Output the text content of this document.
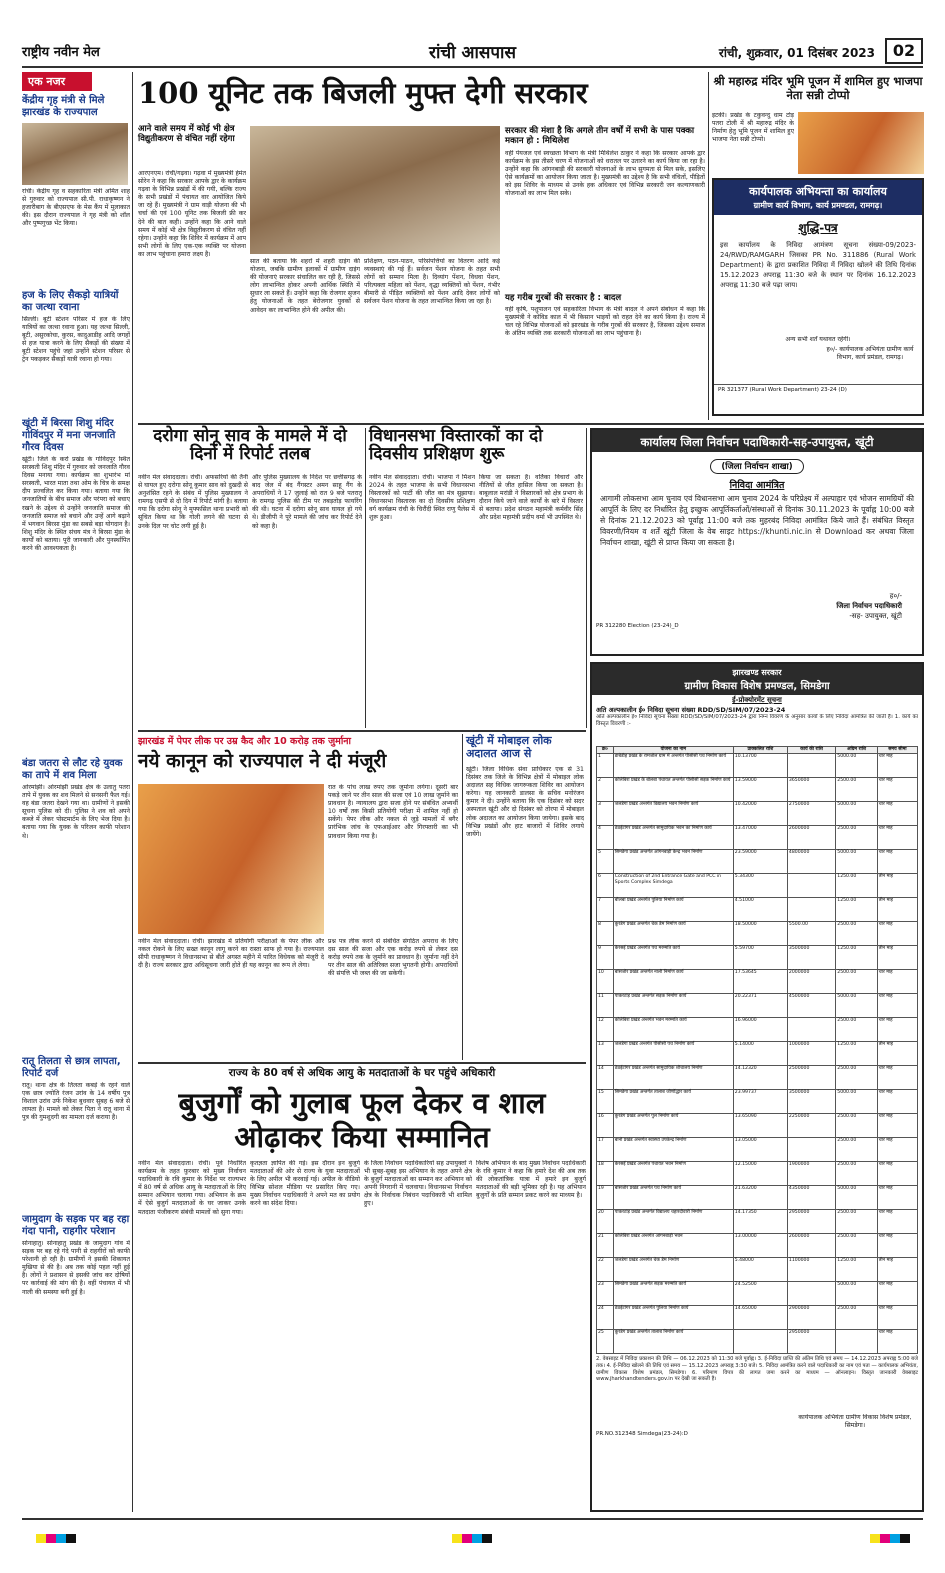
राष्ट्रीय नवीन मेल	रांची आसपास	रांची, शुक्रवार, 01 दिसंबर 2023	02
एक नजर
केंद्रीय गृह मंत्री से मिले झारखंड के राज्यपाल
रांची। केंद्रीय गृह व सहकारिता मंत्री अमित शाह से गुरुवार को राज्यपाल सी.पी. राधाकृष्णन ने हजारीबाग के बीएसएफ के मेस कैंप में मुलाकात की। इस दौरान राज्यपाल ने गृह मंत्री को शॉल और पुष्पगुच्छ भेंट किया।
हज के लिए सैकड़ो यात्रियों का जत्था रवाना
सिल्ली। बूटी स्टेशन परिसर में हज के लिए यात्रियों का जत्था रवाना हुआ। यह जत्था सिल्ली, बूटी, असुरकोचा, कुरस, कादुआडीह आदि जगहों से हज यात्रा करने के लिए सैकड़ों की संख्या में बूटी स्टेशन पहुंचे जहां उन्होंने स्टेशन परिसर से ट्रेन पकड़कर सैकड़ों यात्री रवाना हो गया।
खूंटी में बिरसा शिशु मंदिर गोविंदपुर में मना जनजाति गौरव दिवस
खूंटी। जिले के कर्रा प्रखंड के गोविंदपुर स्थित सरस्वती शिशु मंदिर में गुरुवार को जनजाति गौरव दिवस मनाया गया। कार्यक्रम का शुभारंभ मां सरस्वती, भारत माता तथा ओम के चित्र के समक्ष दीप प्रज्वलित कर किया गया। बताया गया कि जनजातियों के बीच समाज और परंपरा को बचाए रखने के उद्देश्य से उन्होंने जनजाति समाज की जनजाति समाज को बचाने और उन्हें आगे बढ़ाने में भगवान बिरसा मुंडा का सबसे बड़ा योगदान है। शिशु मंदिर के स्थित संचय मंत्र ने बिरसा मुंडा के कार्यों को बताया। पूरी जानकारी और पुनर्स्थापित करने की आवश्यकता है।
बंडा जतरा से लौट रहे युवक का तापे में शव मिला
ओरमांझी। ओरमांझी प्रखंड क्षेत्र के उलातु पतरा तापे में युवक का शव मिलने से सनसनी फैल गई। वह बंडा जतरा देखने गया था। ग्रामीणों ने इसकी सूचना पुलिस को दी। पुलिस ने शव को अपने कब्जे में लेकर पोस्टमार्टम के लिए भेज दिया है। बताया गया कि युवक के परिजन काफी परेशान थे।
रातू तिलता से छात्र लापता, रिपोर्ट दर्ज
रातू। थाना क्षेत्र के तिलता कबड़े के रहने वाले एक छात्र ज्योति रंजन उरांव के 14 वर्षीय पुत्र विशाल उरांव उर्फ निकेश बुधवार सुबह 6 बजे से लापता है। मामले को लेकर पिता ने रातू थाना में पुत्र की गुमशुदगी का मामला दर्ज कराया है।
जामुदाग के सड़क पर बह रहा गंदा पानी, राहगीर परेशान
सोनाहातु। सोनाहातु प्रखंड के जामुदाग गांव में सड़क पर बह रहे गंदे पानी से राहगीरों को काफी परेशानी हो रही है। ग्रामीणों ने इसकी शिकायत मुखिया से की है। अब तक कोई पहल नहीं हुई है। लोगों ने प्रशासन से इसकी जांच कर दोषियों पर कार्रवाई की मांग की है। वहीं पंचायत में भी नाली की समस्या बनी हुई है।
100 यूनिट तक बिजली मुफ्त देगी सरकार
आने वाले समय में कोई भी क्षेत्र विद्युतीकरण से वंचित नहीं रहेगा
सरकार की मंशा है कि अगले तीन वर्षों में सभी के पास पक्का मकान हो : मिथिलेश
आरएनएम। रांची/गढ़वा। गढ़वा में मुख्यमंत्री हेमंत सोरेन ने कहा कि सरकार आपके द्वार के कार्यक्रम गढ़वा के विभिन्न प्रखंडों में की गयी, बल्कि राज्य के सभी प्रखंडों में पंचायत वार आयोजित किये जा रहे हैं। मुख्यमंत्री ने ग्राम वाड़ी योजना की भी चर्चा की एवं 100 यूनिट तक बिजली फ्री कर देने की बात कही। उन्होंने कहा कि आने वाले समय में कोई भी क्षेत्र विद्युतीकरण से वंचित नहीं रहेगा। उन्होंने कहा कि शिविर में कार्यक्रम में आप सभी लोगों के लिए एक-एक व्यक्ति पर योजना का लाभ पहुंचाना हमारा लक्ष्य है।
सात की बताया कि शहरों में शहरी दाइंग की योजना, जबकि ग्रामीण इलाकों में ग्रामीण दाइंग की योजनाएं सरकार संचालित कर रही है, जिससे लोग लाभान्वित होकर अपनी आर्थिक स्थिति में सुधार ला सकते हैं। उन्होंने कहा कि रोजगार सृजन हेतु योजनाओं के तहत बेरोजगार युवकों से आवेदन कर लाभान्वित होने की अपील की।
प्रशिक्षण, पठन-पाठन, परिसंपत्तियों का वितरण आदि कई व्यवस्थाएं की गई हैं। सर्वजन पेंशन योजना के तहत सभी लोगों को सम्मान मिला है। दिव्यांग पेंशन, विधवा पेंशन, परित्यक्ता महिला को पेंशन, वृद्धा व्यक्तियों को पेंशन, गंभीर बीमारी से पीड़ित व्यक्तियों को पेंशन आदि देकर लोगों को सर्वजन पेंशन योजना के तहत लाभान्वित किया जा रहा है।
वहीं पेयजल एवं स्वच्छता विभाग के मंत्री मिथिलेश ठाकुर ने कहा कि सरकार आपके द्वार कार्यक्रम के इस तीसरे चरण में योजनाओं को धरातल पर उतारने का कार्य किया जा रहा है। उन्होंने कहा कि आंगनबाड़ी की सरकारी योजनाओं के लाभ सुगमता से मिल सके, इसलिए ऐसे कार्यक्रमों का आयोजन किया जाता है। मुख्यमंत्री का उद्देश्य है कि सभी वंचितों, पीड़ितों को इस शिविर के माध्यम से उनके हक अधिकार एवं विभिन्न सरकारी जन कल्याणकारी योजनाओं का लाभ मिल सके।
यह गरीब गुरबों की सरकार है : बादल
वहीं कृषि, पशुपालन एवं सहकारिता विभाग के मंत्री बादल ने अपने संबोधन में कहा कि मुख्यमंत्री ने कोविड काल में भी किसान भाइयों को राहत देने का कार्य किया है। राज्य में चल रहे विभिन्न योजनाओं को झारखंड के गरीब गुरबों की सरकार है, जिसका उद्देश्य समाज के अंतिम व्यक्ति तक सरकारी योजनाओं का लाभ पहुंचाना है।
श्री महारुद्र मंदिर भूमि पूजन में शामिल हुए भाजपा नेता सन्नी टोप्पो
इटकी। प्रखंड के टकुवन्दु धाम टोड़ पतरा टोली में श्री महारुद्र मंदिर के निर्माण हेतु भूमि पूजन में शामिल हुए भाजपा नेता सन्नी टोप्पो।
कार्यपालक अभियन्ता का कार्यालय
ग्रामीण कार्य विभाग, कार्य प्रमण्डल, रामगढ़।
शुद्धि-पत्र
इस कार्यालय के निविदा आमंत्रण सूचना संख्या-09/2023-24/RWD/RAMGARH जिसका PR No. 311886 (Rural Work Department) के द्वारा प्रकाशित निविदा में निविदा खोलने की तिथि दिनांक 15.12.2023 अपराह्न 11:30 बजे के स्थान पर दिनांक 16.12.2023 अपराह्न 11:30 बजे पढ़ा जाय।
अन्य सभी शर्तें यथावत रहेंगी।
ह०/- कार्यपालक अभियंता ग्रामीण कार्य विभाग, कार्य प्रमंडल, रामगढ़।
PR 321377 (Rural Work Department) 23-24 (D)
दरोगा सोनू साव के मामले में दो दिनों में रिपोर्ट तलब
नवीन मेल संवाददाता। रांची। अफसरियों की तैनी से घायल हुए दरोगा सोनू कुमार साव को दुखदी से अनुशंसित रहने के संबंध में पुलिस मुख्यालय ने रामगढ़ एसपी से दो दिन में रिपोर्ट मांगी है। बताया गया कि दरोगा सोनू ने मुफ्फसिल थाना प्रभारी को सूचित किया था कि गोली लगने की घटना से उनके दिल पर चोट लगी हुई है।
और पुलिस मुख्यालय के निर्देश पर छत्तीसगढ़ के बाद जेल में बंद गैंगस्टर अमन साहू गैंग के अपराधियों ने 17 जुलाई को रात 9 बजे पतरातू के रामगढ़ पुलिस की टीम पर तबड़तोड़ फायरिंग की थी। घटना में दरोगा सोनू साव घायल हो गये थे। डीजीपी ने पूरे मामले की जांच कर रिपोर्ट देने को कहा है।
विधानसभा विस्तारकों का दो दिवसीय प्रशिक्षण शुरू
नवीन मेल संवाददाता। रांची। भाजपा ने मिशन 2024 के तहत भाजपा के सभी विधानसभा विस्तारकों को पार्टी की जीत का मंत्र सुझाया। विधानसभा विस्तारक का दो दिवसीय प्रशिक्षण वर्ग कार्यक्रम रांची के चिरौंदी स्थित राणु पैलेस में शुरू हुआ।
किया जा सकता है। वर्तिका विचारों और नीतियों से जीत हासिल किया जा सकता है। बाबूलाल मरांडी ने विस्तारकों को क्षेत्र प्रभाग के दौरान किये जाने वाले कार्यों के बारे में विस्तार से बताया। प्रदेश संगठन महामंत्री कर्मवीर सिंह और प्रदेश महामंत्री प्रदीप वर्मा भी उपस्थित थे।
कार्यालय जिला निर्वाचन पदाधिकारी-सह-उपायुक्त, खूंटी
(जिला निर्वाचन शाखा)
निविदा आमंत्रित
आगामी लोकसभा आम चुनाव एवं विधानसभा आम चुनाव 2024 के परिप्रेक्ष्य में अल्पाहार एवं भोजन सामग्रियों की आपूर्ति के लिए दर निर्धारित हेतु इच्छुक आपूर्तिकर्ताओं/संस्थाओं से दिनांक 30.11.2023 के पूर्वाह्न 10:00 बजे से दिनांक 21.12.2023 को पूर्वाह्न 11:00 बजे तक मुहरबंद निविदा आमंत्रित किये जाते हैं। संबंधित विस्तृत विवरणी/नियम व शर्तें खूंटी जिला के वेब साइट https://khunti.nic.in से Download कर अथवा जिला निर्वाचन शाखा, खूंटी से प्राप्त किया जा सकता है।
ह०/-
जिला निर्वाचन पदाधिकारी
-सह- उपायुक्त, खूंटी
PR 312280 Election (23-24)_D
झारखण्ड सरकार
ग्रामीण विकास विशेष प्रमण्डल, सिमडेगा
ई-प्रोक्योरमेंट सूचना
अति अल्पकालीन ई० निविदा सूचना संख्या RDD/SD/SIM/07/2023-24
अति अल्पकालीन ई० निविदा सूचना संख्या RDD/SD/SIM/07/2023-24 द्वारा निम्न विवरण के अनुसार कार्यों के लिए निविदा आमंत्रित की जाती है। 1. कार्य का विस्तृत विवरणी :-
क्र०	योजना का नाम	प्राक्कलित राशि	कार्य की राशि	अग्रिम राशि	समय सीमा
1	डाबेडीह प्रखंड के रामजोल ग्राम में अन्तर्गत पीसीसी पथ निर्माण कार्य	10.13700		5000.00	चार माह
2	कोलेबिरा प्रखंड के बोलबा पंचायत अन्तर्गत पीसीसी सड़क निर्माण कार्य	13.59000	3650000	2500.00	चार माह
3	जलडेगा प्रखंड अन्तर्गत विद्यालय भवन निर्माण कार्य	10.42000	2750000	5000.00	चार माह
4	ठेठईटांगर प्रखंड अन्तर्गत सामुदायिक भवन का निर्माण कार्य	13.47000	2600000	2500.00	चार माह
5	सिमडेगा प्रखंड अन्तर्गत आंगनबाड़ी केन्द्र भवन निर्माण	23.59000	4800000	5000.00	चार माह
6	Construction of 2nd Entrance Gate and PCC in Sports Complex Simdega	5.34300		1250.00	तीन माह
7	बोलबा प्रखंड अन्तर्गत पुलिया निर्माण कार्य	4.51000		1250.00	तीन माह
8	कुरडेग प्रखंड अन्तर्गत चेक डैम निर्माण कार्य	18.50000	5500.00	2500.00	चार माह
9	केरसई प्रखंड अन्तर्गत पथ मरम्मति कार्य	5.59700	3500000	1250.00	तीन माह
10	बांसजोर प्रखंड अन्तर्गत नाली निर्माण कार्य	17.53645	2000000	2500.00	चार माह
11	पाकरटांड़ प्रखंड अन्तर्गत सड़क निर्माण कार्य	20.22371	4500000	5000.00	चार माह
12	कोलेबिरा प्रखंड अन्तर्गत भवन मरम्मति कार्य	16.96000		2500.00	चार माह
13	जलडेगा प्रखंड अन्तर्गत पीसीसी पथ निर्माण कार्य	5.14000	1000000	1250.00	तीन माह
14	ठेठईटांगर प्रखंड अन्तर्गत सामुदायिक शौचालय निर्माण	14.12320	2500000	2500.00	चार माह
15	सिमडेगा प्रखंड अन्तर्गत तालाब जीर्णोद्धार कार्य	23.99737	3500000	5000.00	चार माह
16	कुरडेग प्रखंड अन्तर्गत पुल निर्माण कार्य	13.65090	2250000	2500.00	चार माह
17	बानो प्रखंड अन्तर्गत स्वास्थ्य उपकेन्द्र निर्माण	13.05000		2500.00	चार माह
18	केरसई प्रखंड अन्तर्गत पंचायत भवन निर्माण	12.15000	1900000	2500.00	चार माह
19	बांसजोर प्रखंड अन्तर्गत पथ निर्माण कार्य	21.63200	4350000	5000.00	चार माह
20	पाकरटांड़ प्रखंड अन्तर्गत विद्यालय चहारदीवारी निर्माण	14.17350	2950000	2500.00	चार माह
21	कोलेबिरा प्रखंड अन्तर्गत आंगनबाड़ी भवन	13.00000	2600000	2500.00	चार माह
22	जलडेगा प्रखंड अन्तर्गत चेक डैम निर्माण	5.48000	1100000	1250.00	तीन माह
23	सिमडेगा प्रखंड अन्तर्गत सड़क मरम्मति कार्य	24.52500		5000.00	चार माह
24	ठेठईटांगर प्रखंड अन्तर्गत पुलिया निर्माण कार्य	14.65000	2900000	2500.00	चार माह
25	कुरडेग प्रखंड अन्तर्गत तालाब निर्माण कार्य		2950000		चार माह
2. वेबसाइट में निविदा प्रकाशन की तिथि — 06.12.2023 को 11:30 बजे पूर्वाह्न। 3. ई-निविदा प्राप्ति की अंतिम तिथि एवं समय — 14.12.2023 अपराह्न 5:00 बजे तक। 4. ई-निविदा खोलने की तिथि एवं समय — 15.12.2023 अपराह्न 3:30 बजे। 5. निविदा आमंत्रित करने वाले पदाधिकारी का नाम एवं पता — कार्यपालक अभियंता, ग्रामीण विकास विशेष प्रमंडल, सिमडेगा। 6. परिमाण विपत्र की लागत जमा करने का माध्यम — ऑनलाइन। विस्तृत जानकारी वेबसाइट www.jharkhandtenders.gov.in पर देखी जा सकती है।
कार्यपालक अभियंता ग्रामीण विकास विशेष प्रमंडल, सिमडेगा।
PR.NO.312348 Simdega(23-24):D
झारखंड में पेपर लीक पर उम्र कैद और 10 करोड़ तक जुर्माना
नये कानून को राज्यपाल ने दी मंजूरी
रात के पांच लाख रुपए तक जुर्माना लगेगा। दूसरी बार पकड़े जाने पर तीन साल की सजा एवं 10 लाख जुर्माने का प्रावधान है। न्यायालय द्वारा सजा होने पर संबंधित अभ्यर्थी 10 वर्षों तक किसी प्रतियोगी परीक्षा में शामिल नहीं हो सकेंगे। पेपर लीक और नकल से जुड़े मामलों में बगैर प्रारंभिक जांच के एफआईआर और गिरफ्तारी का भी प्रावधान किया गया है।
नवीन मेल संवाददाता। रांची। झारखंड में प्रतियोगी परीक्षाओं के पेपर लीक और नकल रोकने के लिए सख्त कानून लागू करने का रास्ता साफ हो गया है। राज्यपाल सीपी राधाकृष्णन ने विधानसभा से बीते अगस्त महीने में पारित विधेयक को मंजूरी दे दी है। राज्य सरकार द्वारा अधिसूचना जारी होते ही यह कानून का रूप ले लेगा।
प्रश्न पत्र लीक करने से संबंधित संगठित अपराध के लिए दस साल की सजा और एक करोड़ रुपये से लेकर दस करोड़ रुपये तक के जुर्माने का प्रावधान है। जुर्माना नहीं देने पर तीन साल की अतिरिक्त सजा भुगतनी होगी। अपराधियों की संपत्ति भी जब्त की जा सकेगी।
खूंटी में मोबाइल लोक अदालत आज से
खूंटी। जिला विधिक सेवा प्राधिकार एक से 31 दिसंबर तक जिले के विभिन्न क्षेत्रों में मोबाइल लोक अदालत सह विधिक जागरूकता शिविर का आयोजन करेगा। यह जानकारी डालसा के सचिव मनोरंजन कुमार ने दी। उन्होंने बताया कि एक दिसंबर को सदर अस्पताल खूंटी और दो दिसंबर को तोरपा में मोबाइल लोक अदालत का आयोजन किया जायेगा। इसके बाद विभिन्न प्रखंडों और हाट बाजारों में शिविर लगाये जायेंगे।
राज्य के 80 वर्ष से अधिक आयु के मतदाताओं के घर पहुंचे अधिकारी
बुजुर्गों को गुलाब फूल देकर व शाल ओढ़ाकर किया सम्मानित
नवीन मेल संवाददाता। रांची। पूर्व निर्धारित कार्यक्रम के तहत फ़ुरबार को मुख्य निर्वाचन पदाधिकारी के रवि कुमार के निर्देश पर राज्यभर में 80 वर्ष से अधिक आयु के मतदाताओं के लिए सम्मान अभियान चलाया गया। अभियान के क्रम में ऐसे बुजुर्ग मतदाताओं के घर जाकर उनके मतदाता पंजीकरण संबंधी मामलों को सुना गया।
कृतज्ञता ज्ञापित की गई। इस दौरान इन बुजुर्ग मतदाताओं की ओर से राज्य के युवा मतदाताओं के लिए अपील भी करवाई गई। अपील के वीडियो विभिन्न सोशल मीडिया पर प्रसारित किए गए। मुख्य निर्वाचन पदाधिकारी ने अपने मत का प्रयोग करने का संदेश दिया।
के जिला निर्वाचन पदाधिकारियों सह उपायुक्तों ने भी सुबह-सुबह इस अभियान के तहत अपने क्षेत्र के बुजुर्ग मतदाताओं का सम्मान कर अभियान को अपनी निगरानी में चलवाया। विधानसभा निर्वाचन क्षेत्र के निर्वाचक निबंधन पदाधिकारी भी शामिल हुए।
विशेष अभियान के बाद मुख्य निर्वाचन पदाधिकारी के रवि कुमार ने कहा कि हमारे देश की अब तक की लोकतांत्रिक यात्रा में हमारे इन बुजुर्ग मतदाताओं की बड़ी भूमिका रही है। यह अभियान बुजुर्गों के प्रति सम्मान प्रकट करने का माध्यम है।
